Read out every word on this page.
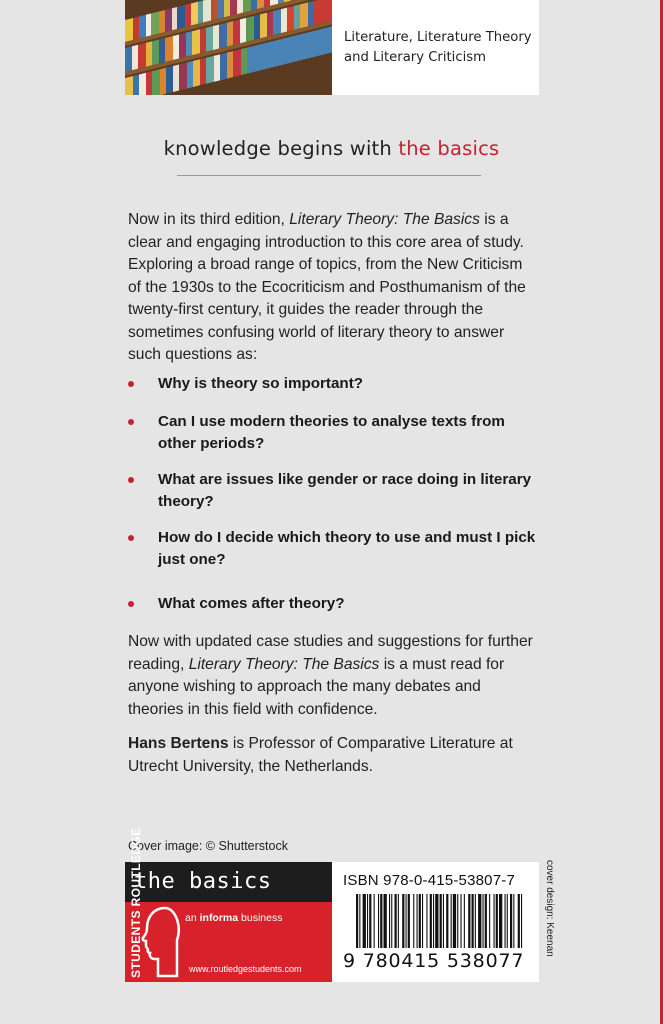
Literature, Literature Theory
and Literary Criticism
knowledge begins with the basics

Now in its third edition, Literary Theory: The Basics is a clear and engaging introduction to this core area of study. Exploring a broad range of topics, from the New Criticism of the 1930s to the Ecocriticism and Posthumanism of the twenty-first century, it guides the reader through the sometimes confusing world of literary theory to answer such questions as:

Why is theory so important?
Can I use modern theories to analyse texts from other periods?
What are issues like gender or race doing in literary theory?
How do I decide which theory to use and must I pick just one?
What comes after theory?

Now with updated case studies and suggestions for further reading, Literary Theory: The Basics is a must read for anyone wishing to approach the many debates and theories in this field with confidence.

Hans Bertens is Professor of Comparative Literature at Utrecht University, the Netherlands.

Cover image: © Shutterstock
the basics
STUDENTS ROUTLEDGE	an informa business
www.routledgestudents.com
ISBN 978-0-415-53807-7
9 780415 538077
cover design: Keenan
